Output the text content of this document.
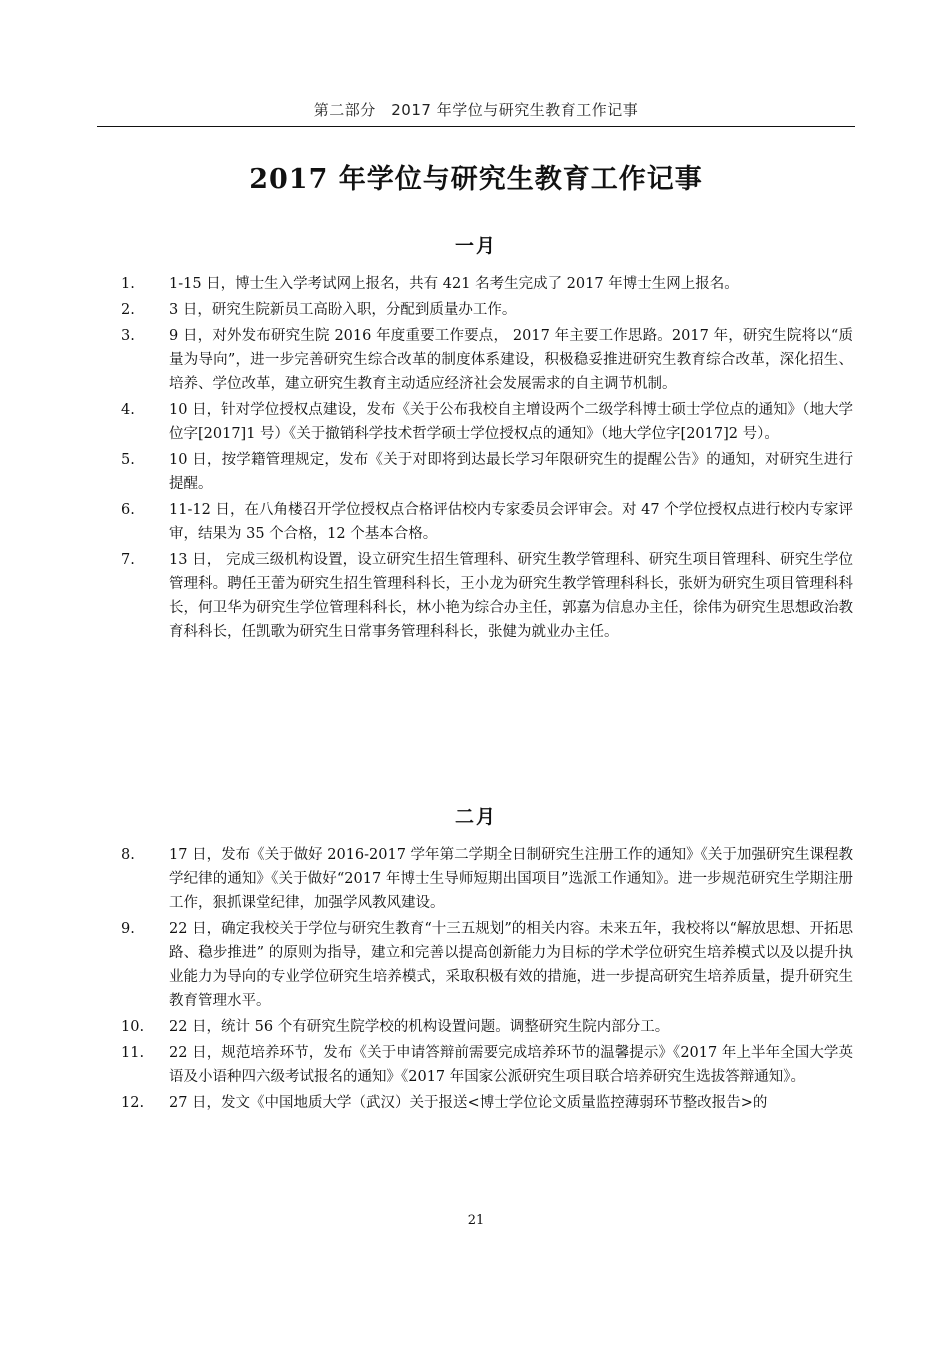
第二部分　2017 年学位与研究生教育工作记事
2017 年学位与研究生教育工作记事
一月
1. 1-15 日，博士生入学考试网上报名，共有 421 名考生完成了 2017 年博士生网上报名。
2. 3 日，研究生院新员工高盼入职，分配到质量办工作。
3. 9 日，对外发布研究生院 2016 年度重要工作要点， 2017 年主要工作思路。2017 年，研究生院将以“质量为导向”，进一步完善研究生综合改革的制度体系建设，积极稳妥推进研究生教育综合改革，深化招生、培养、学位改革，建立研究生教育主动适应经济社会发展需求的自主调节机制。
4. 10 日，针对学位授权点建设，发布《关于公布我校自主增设两个二级学科博士硕士学位点的通知》（地大学位字[2017]1 号）《关于撤销科学技术哲学硕士学位授权点的通知》（地大学位字[2017]2 号）。
5. 10 日，按学籍管理规定，发布《关于对即将到达最长学习年限研究生的提醒公告》的通知，对研究生进行提醒。
6. 11-12 日，在八角楼召开学位授权点合格评估校内专家委员会评审会。对 47 个学位授权点进行校内专家评审，结果为 35 个合格，12 个基本合格。
7. 13 日， 完成三级机构设置，设立研究生招生管理科、研究生教学管理科、研究生项目管理科、研究生学位管理科。聘任王蕾为研究生招生管理科科长，王小龙为研究生教学管理科科长，张妍为研究生项目管理科科长，何卫华为研究生学位管理科科长，林小艳为综合办主任，郭嘉为信息办主任，徐伟为研究生思想政治教育科科长，任凯歌为研究生日常事务管理科科长，张健为就业办主任。
二月
8. 17 日，发布《关于做好 2016-2017 学年第二学期全日制研究生注册工作的通知》《关于加强研究生课程教学纪律的通知》《关于做好“2017 年博士生导师短期出国项目”选派工作通知》。进一步规范研究生学期注册工作，狠抓课堂纪律，加强学风教风建设。
9. 22 日，确定我校关于学位与研究生教育“十三五规划”的相关内容。未来五年，我校将以“解放思想、开拓思路、稳步推进” 的原则为指导，建立和完善以提高创新能力为目标的学术学位研究生培养模式以及以提升执业能力为导向的专业学位研究生培养模式，采取积极有效的措施，进一步提高研究生培养质量，提升研究生教育管理水平。
10. 22 日，统计 56 个有研究生院学校的机构设置问题。调整研究生院内部分工。
11. 22 日，规范培养环节，发布《关于申请答辩前需要完成培养环节的温馨提示》《2017 年上半年全国大学英语及小语种四六级考试报名的通知》《2017 年国家公派研究生项目联合培养研究生选拔答辩通知》。
12. 27 日，发文《中国地质大学（武汉）关于报送<博士学位论文质量监控薄弱环节整改报告>的
21
